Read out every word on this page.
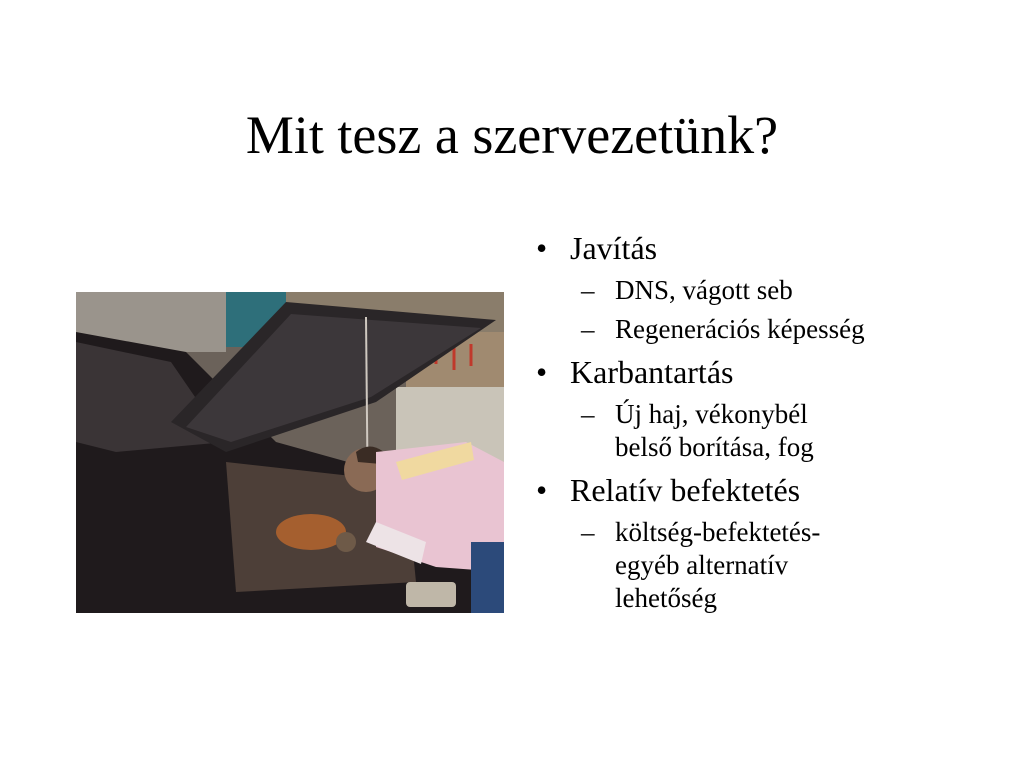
Mit tesz a szervezetünk?
• Javítás
– DNS, vágott seb
– Regenerációs képesség
• Karbantartás
– Új haj, vékonybél belső borítása, fog
• Relatív befektetés
– költség-befektetés-egyéb alternatív lehetőség
